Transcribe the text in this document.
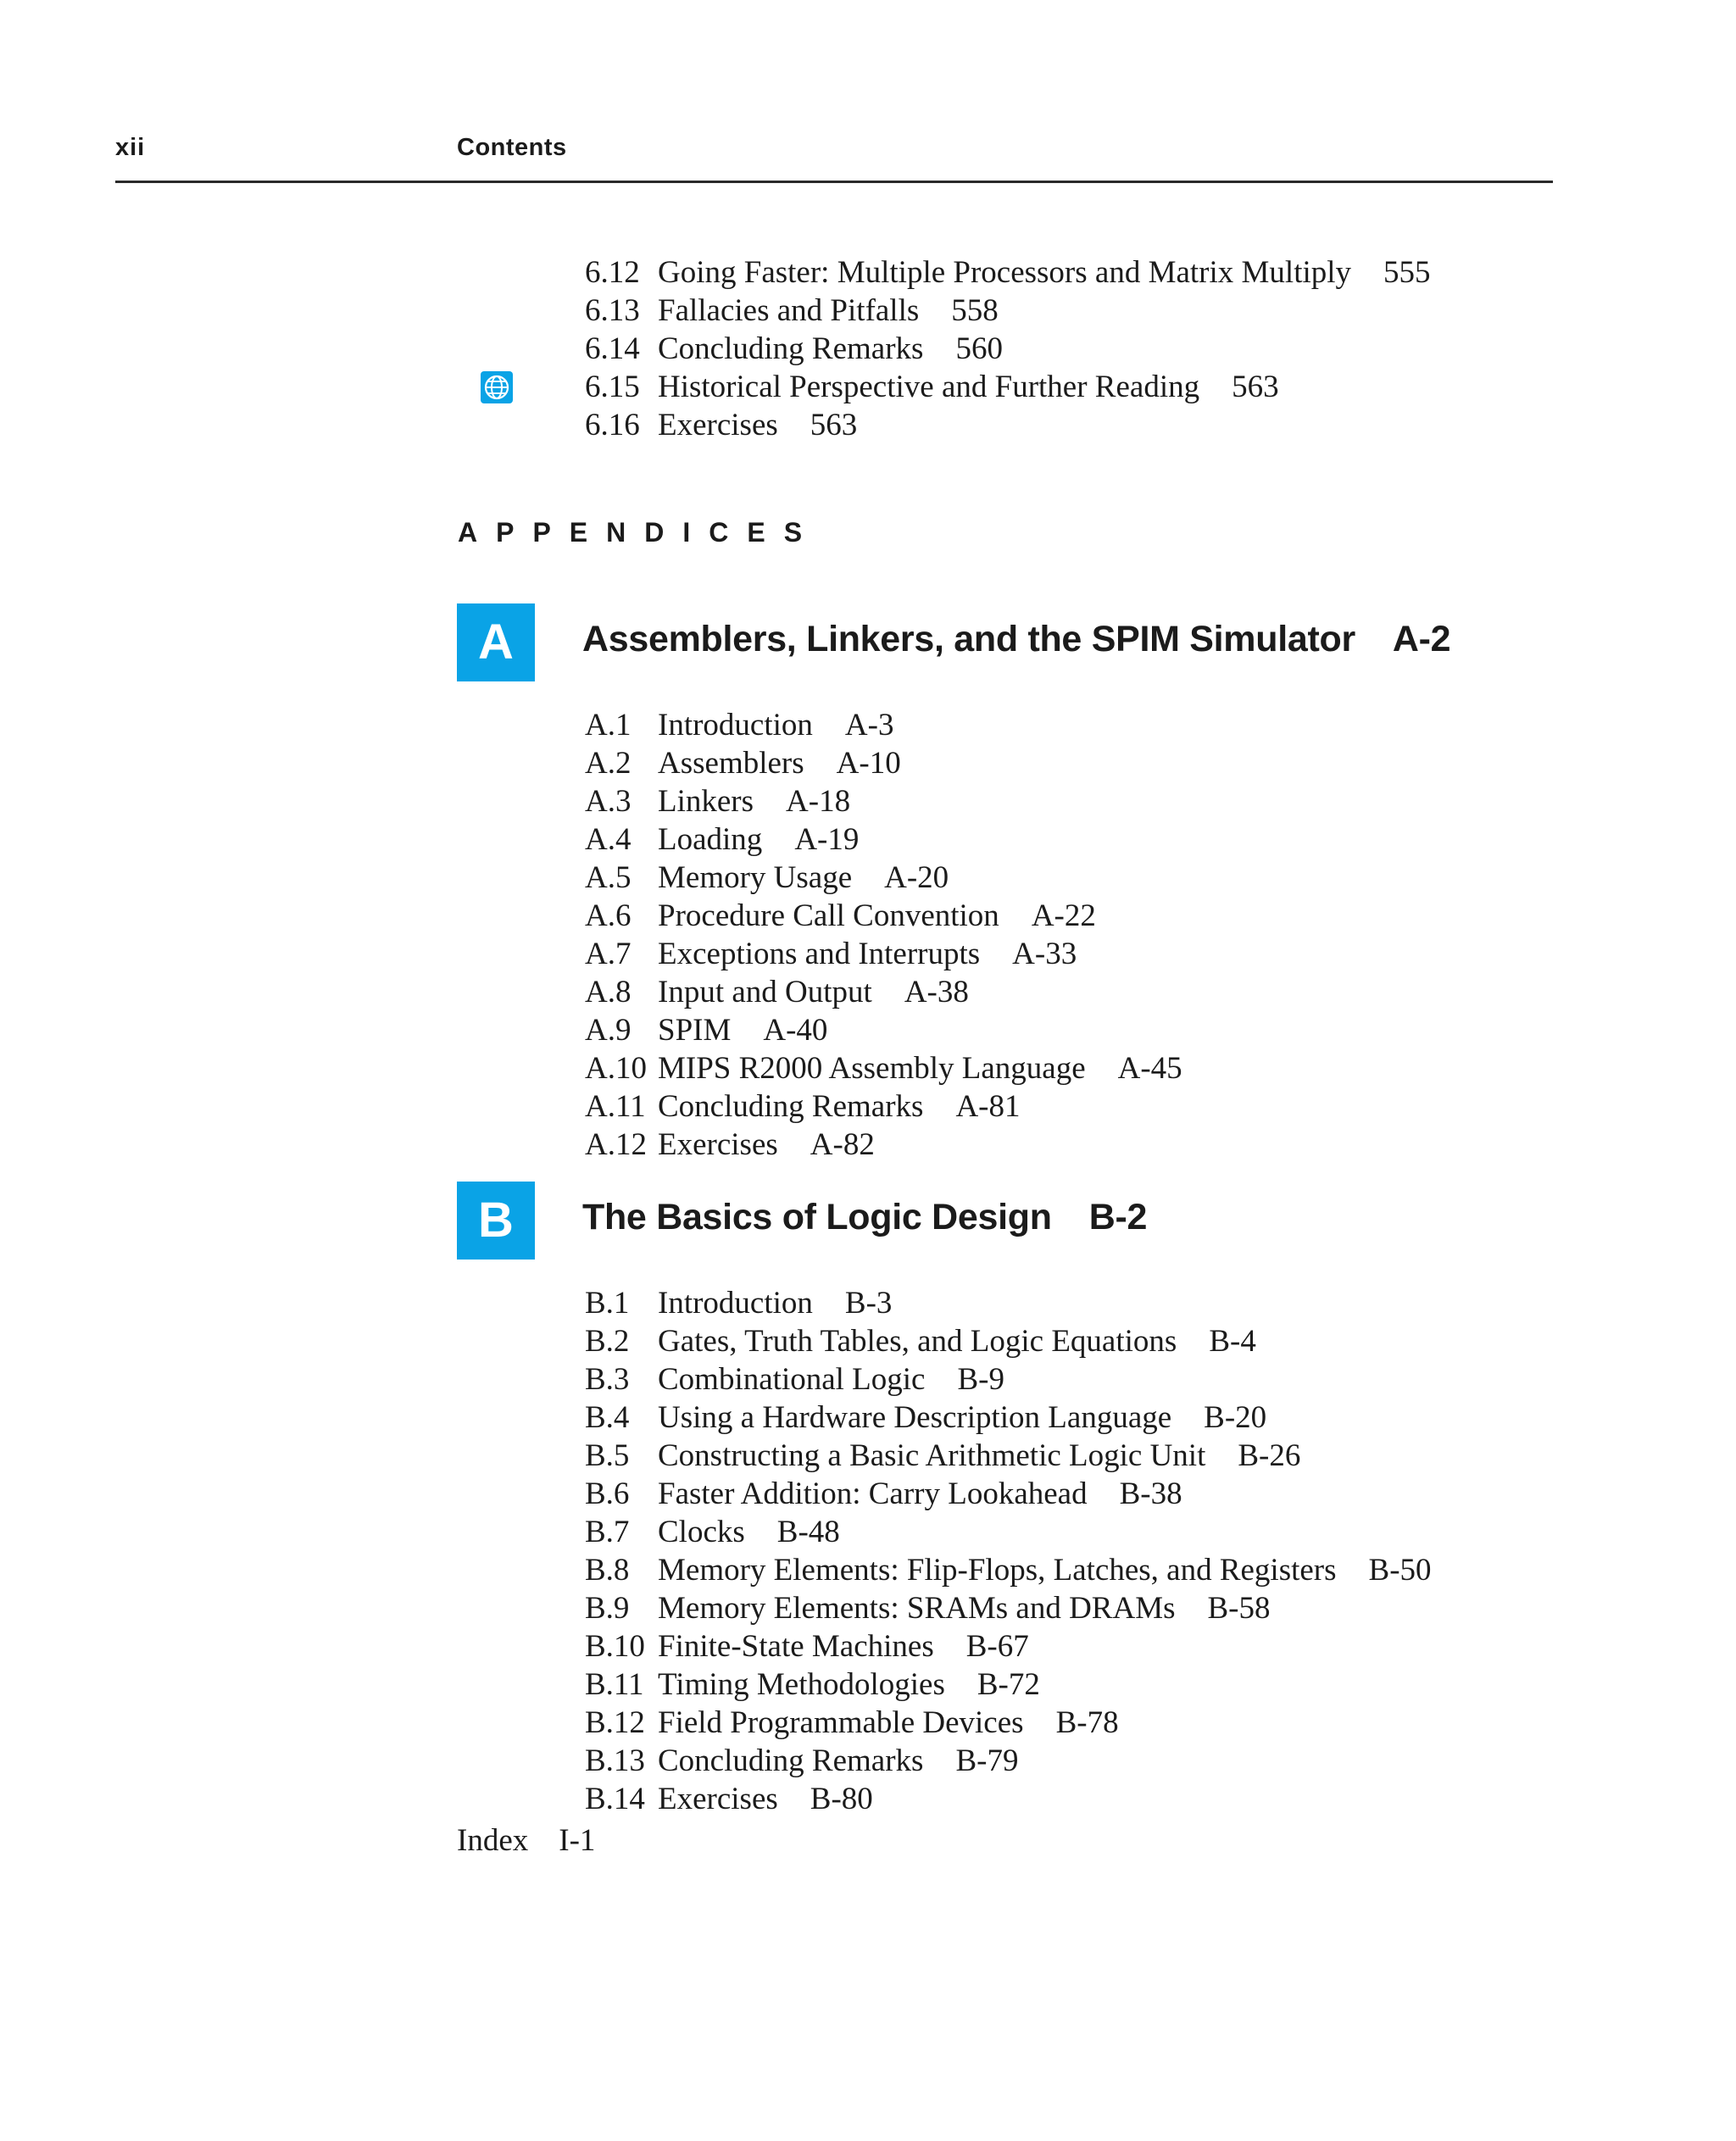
xii	Contents
6.12 Going Faster: Multiple Processors and Matrix Multiply 555
6.13 Fallacies and Pitfalls 558
6.14 Concluding Remarks 560
6.15 Historical Perspective and Further Reading 563
6.16 Exercises 563
APPENDICES
A	Assemblers, Linkers, and the SPIM Simulator A-2
A.1 Introduction A-3
A.2 Assemblers A-10
A.3 Linkers A-18
A.4 Loading A-19
A.5 Memory Usage A-20
A.6 Procedure Call Convention A-22
A.7 Exceptions and Interrupts A-33
A.8 Input and Output A-38
A.9 SPIM A-40
A.10 MIPS R2000 Assembly Language A-45
A.11 Concluding Remarks A-81
A.12 Exercises A-82
B	The Basics of Logic Design B-2
B.1 Introduction B-3
B.2 Gates, Truth Tables, and Logic Equations B-4
B.3 Combinational Logic B-9
B.4 Using a Hardware Description Language B-20
B.5 Constructing a Basic Arithmetic Logic Unit B-26
B.6 Faster Addition: Carry Lookahead B-38
B.7 Clocks B-48
B.8 Memory Elements: Flip-Flops, Latches, and Registers B-50
B.9 Memory Elements: SRAMs and DRAMs B-58
B.10 Finite-State Machines B-67
B.11 Timing Methodologies B-72
B.12 Field Programmable Devices B-78
B.13 Concluding Remarks B-79
B.14 Exercises B-80
Index I-1
